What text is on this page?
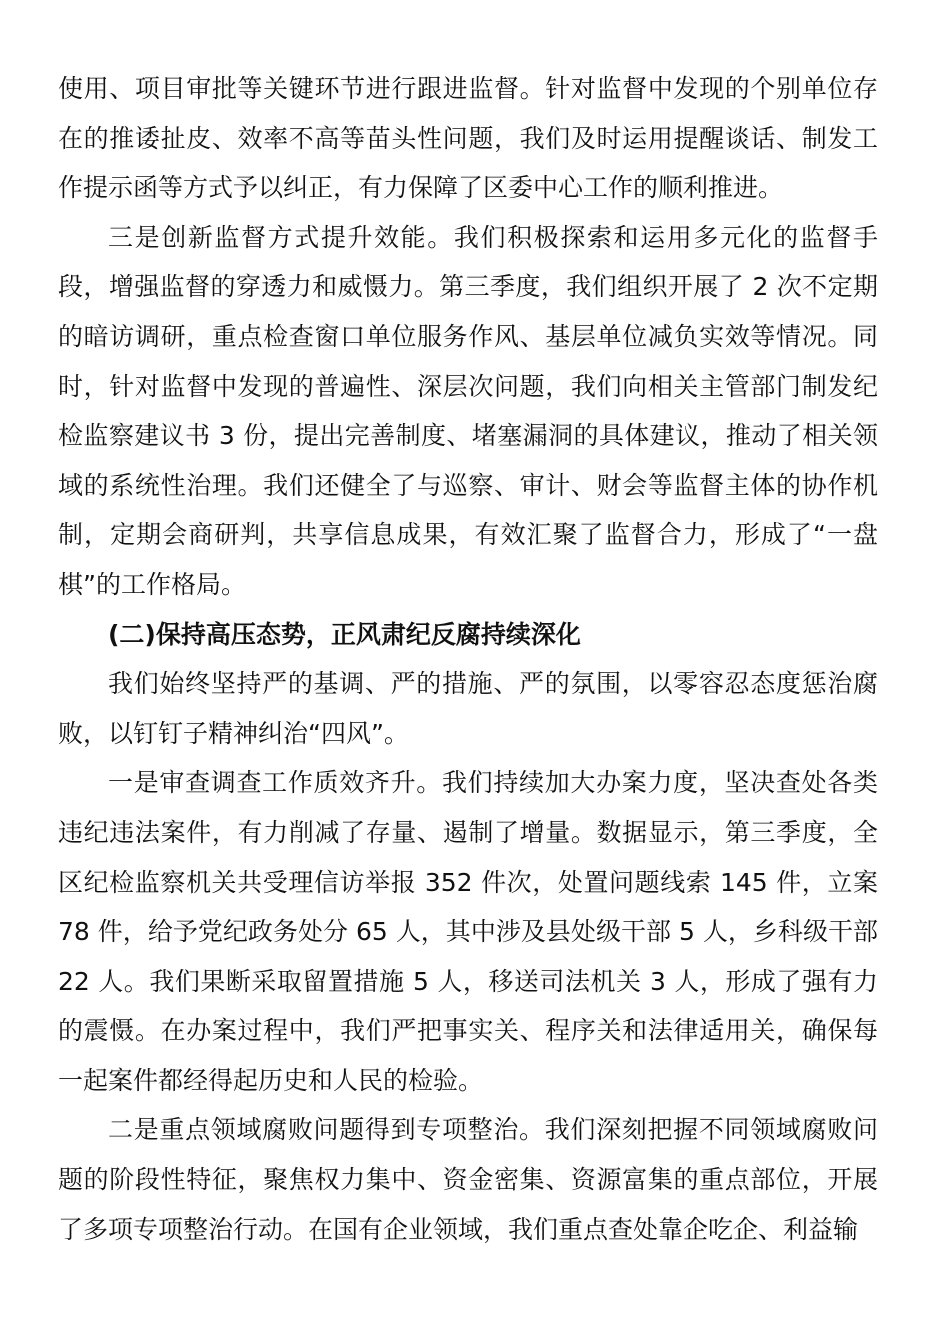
使用、项目审批等关键环节进行跟进监督。针对监督中发现的个别单位存在的推诿扯皮、效率不高等苗头性问题，我们及时运用提醒谈话、制发工作提示函等方式予以纠正，有力保障了区委中心工作的顺利推进。

三是创新监督方式提升效能。我们积极探索和运用多元化的监督手段，增强监督的穿透力和威慑力。第三季度，我们组织开展了 2 次不定期的暗访调研，重点检查窗口单位服务作风、基层单位减负实效等情况。同时，针对监督中发现的普遍性、深层次问题，我们向相关主管部门制发纪检监察建议书 3 份，提出完善制度、堵塞漏洞的具体建议，推动了相关领域的系统性治理。我们还健全了与巡察、审计、财会等监督主体的协作机制，定期会商研判，共享信息成果，有效汇聚了监督合力，形成了“一盘棋”的工作格局。

(二)保持高压态势，正风肃纪反腐持续深化

我们始终坚持严的基调、严的措施、严的氛围，以零容忍态度惩治腐败，以钉钉子精神纠治“四风”。

一是审查调查工作质效齐升。我们持续加大办案力度，坚决查处各类违纪违法案件，有力削减了存量、遏制了增量。数据显示，第三季度，全区纪检监察机关共受理信访举报 352 件次，处置问题线索 145 件，立案 78 件，给予党纪政务处分 65 人，其中涉及县处级干部 5 人，乡科级干部 22 人。我们果断采取留置措施 5 人，移送司法机关 3 人，形成了强有力的震慑。在办案过程中，我们严把事实关、程序关和法律适用关，确保每一起案件都经得起历史和人民的检验。

二是重点领域腐败问题得到专项整治。我们深刻把握不同领域腐败问题的阶段性特征，聚焦权力集中、资金密集、资源富集的重点部位，开展了多项专项整治行动。在国有企业领域，我们重点查处靠企吃企、利益输
